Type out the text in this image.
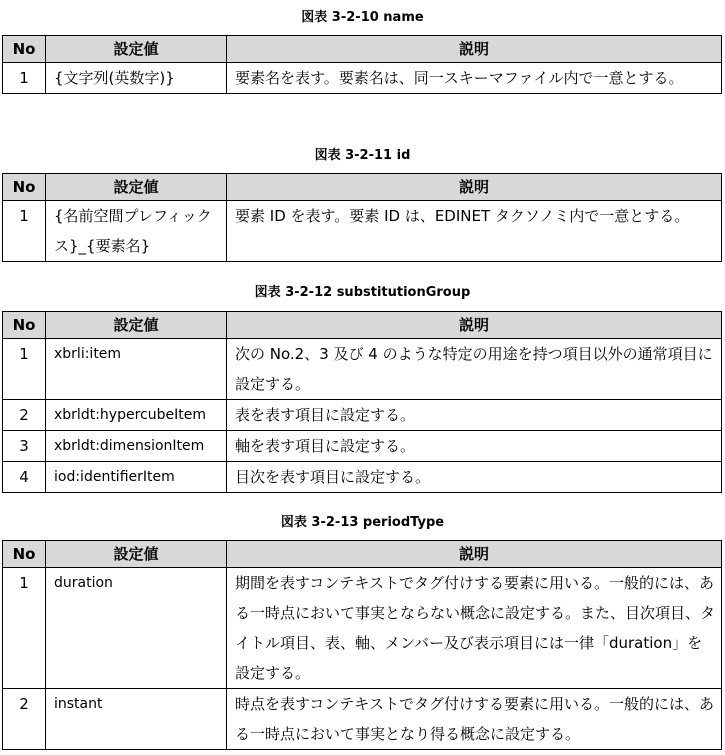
図表 3-2-10 name
No	設定値	説明
1	{文字列(英数字)}	要素名を表す。要素名は、同一スキーマファイル内で一意とする。
図表 3-2-11 id
No	設定値	説明
1	{名前空間プレフィックス}_{要素名}	要素 ID を表す。要素 ID は、EDINET タクソノミ内で一意とする。
図表 3-2-12 substitutionGroup
No	設定値	説明
1	xbrli:item	次の No.2、3 及び 4 のような特定の用途を持つ項目以外の通常項目に設定する。
2	xbrldt:hypercubeItem	表を表す項目に設定する。
3	xbrldt:dimensionItem	軸を表す項目に設定する。
4	iod:identifierItem	目次を表す項目に設定する。
図表 3-2-13 periodType
No	設定値	説明
1	duration	期間を表すコンテキストでタグ付けする要素に用いる。一般的には、ある一時点において事実とならない概念に設定する。また、目次項目、タイトル項目、表、軸、メンバー及び表示項目には一律「duration」を設定する。
2	instant	時点を表すコンテキストでタグ付けする要素に用いる。一般的には、ある一時点において事実となり得る概念に設定する。
